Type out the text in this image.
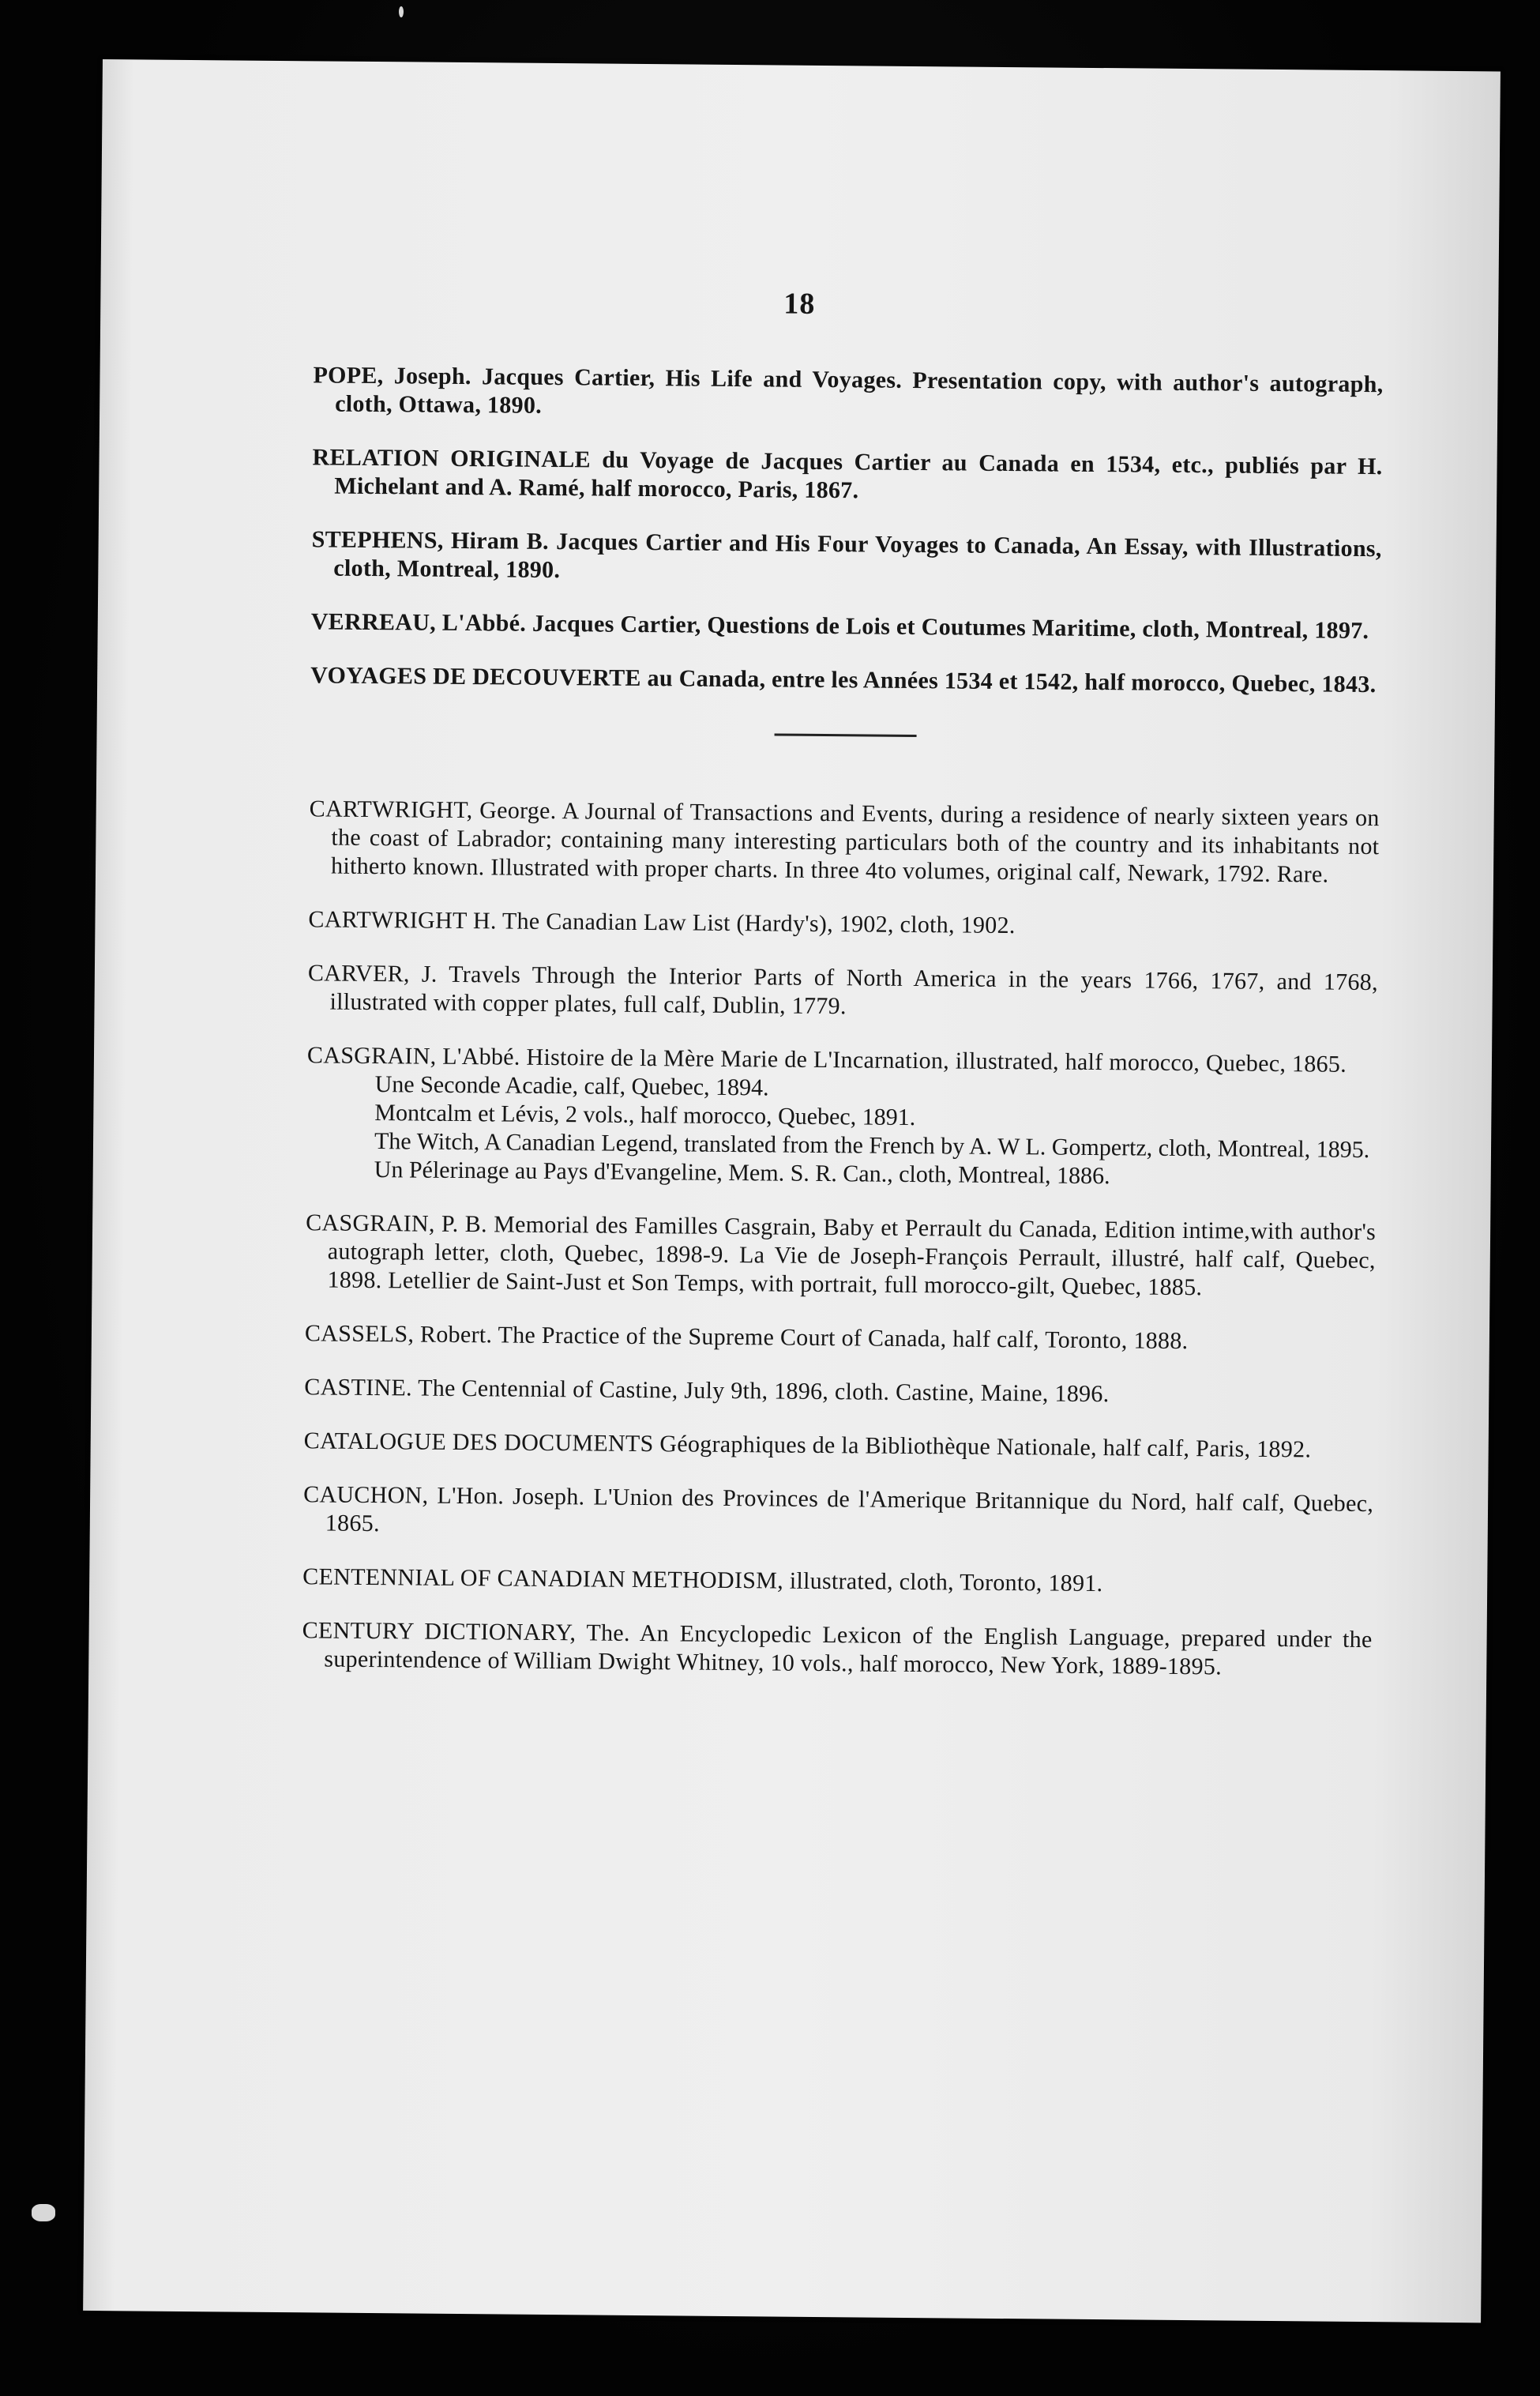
18

POPE, Joseph. Jacques Cartier, His Life and Voyages. Presentation copy, with author's autograph, cloth, Ottawa, 1890.

RELATION ORIGINALE du Voyage de Jacques Cartier au Canada en 1534, etc., publiés par H. Michelant and A. Ramé, half morocco, Paris, 1867.

STEPHENS, Hiram B. Jacques Cartier and His Four Voyages to Canada, An Essay, with Illustrations, cloth, Montreal, 1890.

VERREAU, L'Abbé. Jacques Cartier, Questions de Lois et Coutumes Maritime, cloth, Montreal, 1897.

VOYAGES DE DECOUVERTE au Canada, entre les Années 1534 et 1542, half morocco, Quebec, 1843.

CARTWRIGHT, George. A Journal of Transactions and Events, during a residence of nearly sixteen years on the coast of Labrador; containing many interesting particulars both of the country and its inhabitants not hitherto known. Illustrated with proper charts. In three 4to volumes, original calf, Newark, 1792. Rare.

CARTWRIGHT H. The Canadian Law List (Hardy's), 1902, cloth, 1902.

CARVER, J. Travels Through the Interior Parts of North America in the years 1766, 1767, and 1768, illustrated with copper plates, full calf, Dublin, 1779.

CASGRAIN, L'Abbé. Histoire de la Mère Marie de L'Incarnation, illustrated, half morocco, Quebec, 1865.

Une Seconde Acadie, calf, Quebec, 1894.

Montcalm et Lévis, 2 vols., half morocco, Quebec, 1891.

The Witch, A Canadian Legend, translated from the French by A. W L. Gompertz, cloth, Montreal, 1895.

Un Pélerinage au Pays d'Evangeline, Mem. S. R. Can., cloth, Montreal, 1886.

CASGRAIN, P. B. Memorial des Familles Casgrain, Baby et Perrault du Canada, Edition intime,with author's autograph letter, cloth, Quebec, 1898-9. La Vie de Joseph-François Perrault, illustré, half calf, Quebec, 1898. Letellier de Saint-Just et Son Temps, with portrait, full morocco-gilt, Quebec, 1885.

CASSELS, Robert. The Practice of the Supreme Court of Canada, half calf, Toronto, 1888.

CASTINE. The Centennial of Castine, July 9th, 1896, cloth. Castine, Maine, 1896.

CATALOGUE DES DOCUMENTS Géographiques de la Bibliothèque Nationale, half calf, Paris, 1892.

CAUCHON, L'Hon. Joseph. L'Union des Provinces de l'Amerique Britannique du Nord, half calf, Quebec, 1865.

CENTENNIAL OF CANADIAN METHODISM, illustrated, cloth, Toronto, 1891.

CENTURY DICTIONARY, The. An Encyclopedic Lexicon of the English Language, prepared under the superintendence of William Dwight Whitney, 10 vols., half morocco, New York, 1889-1895.
